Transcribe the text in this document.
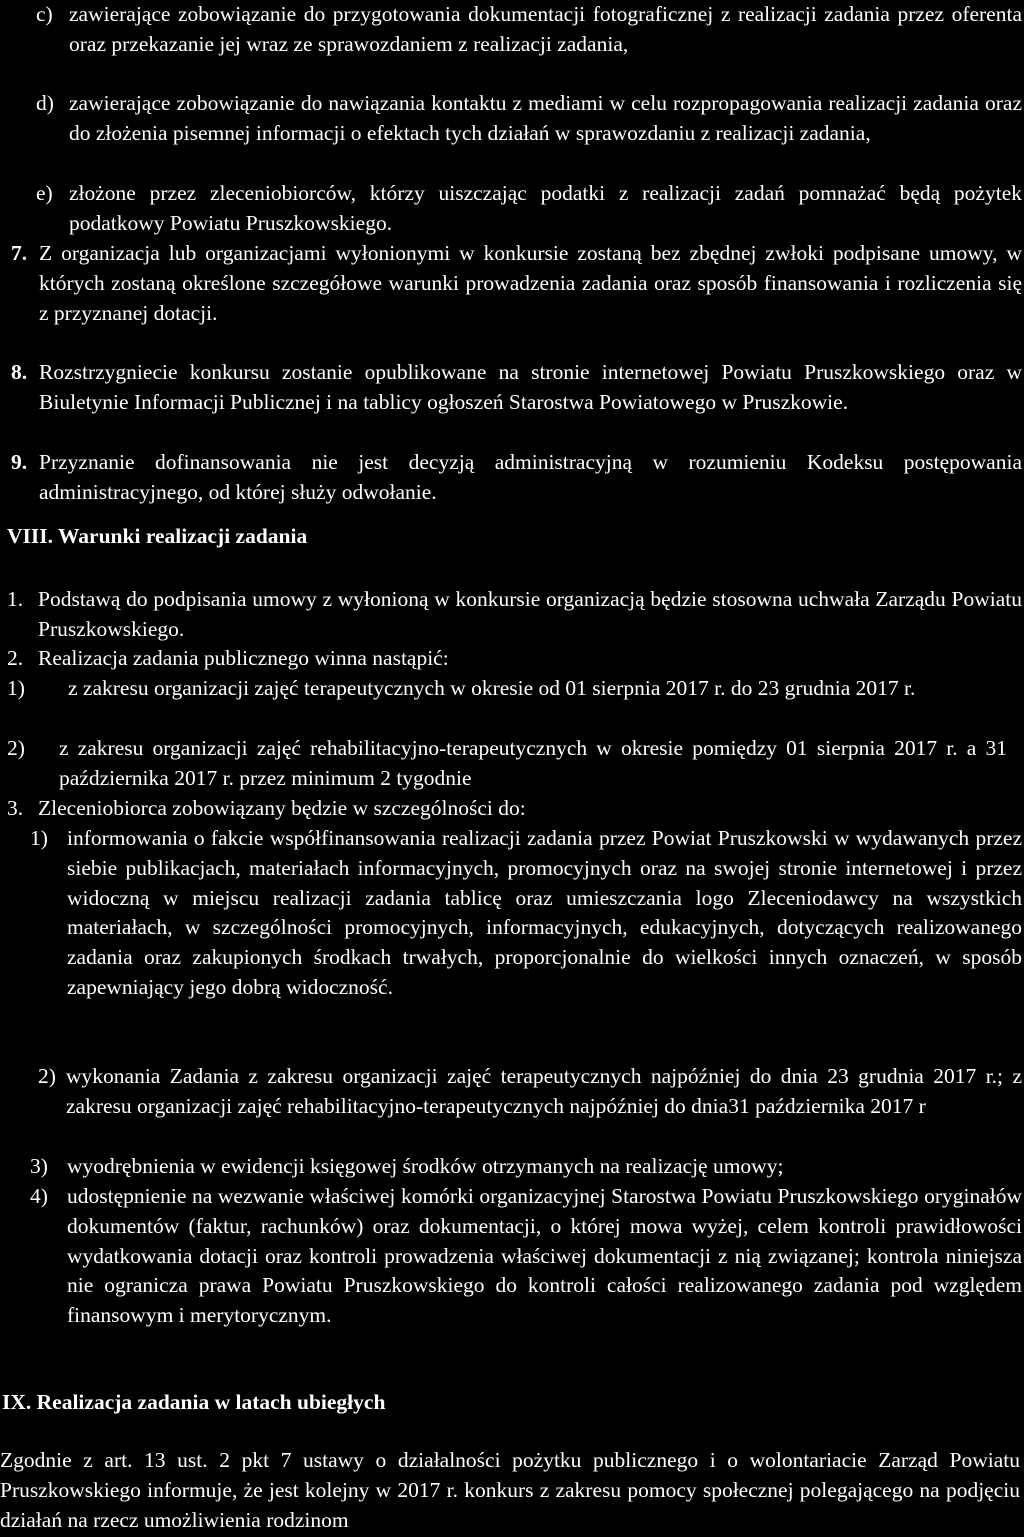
c) zawierające zobowiązanie do przygotowania dokumentacji fotograficznej z realizacji zadania przez oferenta oraz przekazanie jej wraz ze sprawozdaniem z realizacji zadania,
d) zawierające zobowiązanie do nawiązania kontaktu z mediami w celu rozpropagowania realizacji zadania oraz do złożenia pisemnej informacji o efektach tych działań w sprawozdaniu z realizacji zadania,
e) złożone przez zleceniobiorców, którzy uiszczając podatki z realizacji zadań pomnażać będą pożytek podatkowy Powiatu Pruszkowskiego.
7. Z organizacja lub organizacjami wyłonionymi w konkursie zostaną bez zbędnej zwłoki podpisane umowy, w których zostaną określone szczegółowe warunki prowadzenia zadania oraz sposób finansowania i rozliczenia się z przyznanej dotacji.
8. Rozstrzygniecie konkursu zostanie opublikowane na stronie internetowej Powiatu Pruszkowskiego oraz w Biuletynie Informacji Publicznej i na tablicy ogłoszeń Starostwa Powiatowego w Pruszkowie.
9. Przyznanie dofinansowania nie jest decyzją administracyjną w rozumieniu Kodeksu postępowania administracyjnego, od której służy odwołanie.
VIII. Warunki realizacji zadania
1. Podstawą do podpisania umowy z wyłonioną w konkursie organizacją będzie stosowna uchwała Zarządu Powiatu Pruszkowskiego.
2. Realizacja zadania publicznego winna nastąpić:
1)	z zakresu organizacji zajęć terapeutycznych w okresie od 01 sierpnia 2017 r. do 23 grudnia 2017 r.
2)	z zakresu organizacji zajęć rehabilitacyjno-terapeutycznych w okresie pomiędzy 01 sierpnia 2017 r. a 31 października 2017 r. przez minimum 2 tygodnie
3. Zleceniobiorca zobowiązany będzie w szczególności do:
1) informowania o fakcie współfinansowania realizacji zadania przez Powiat Pruszkowski w wydawanych przez siebie publikacjach, materiałach informacyjnych, promocyjnych oraz na swojej stronie internetowej i przez widoczną w miejscu realizacji zadania tablicę oraz umieszczania logo Zleceniodawcy na wszystkich materiałach, w szczególności promocyjnych, informacyjnych, edukacyjnych, dotyczących realizowanego zadania oraz zakupionych środkach trwałych, proporcjonalnie do wielkości innych oznaczeń, w sposób zapewniający jego dobrą widoczność.
2) wykonania Zadania z zakresu organizacji zajęć terapeutycznych najpóźniej do dnia 23 grudnia 2017 r.; z zakresu organizacji zajęć rehabilitacyjno-terapeutycznych najpóźniej do dnia31 października 2017 r
3) wyodrębnienia w ewidencji księgowej środków otrzymanych na realizację umowy;
4) udostępnienie na wezwanie właściwej komórki organizacyjnej Starostwa Powiatu Pruszkowskiego oryginałów dokumentów (faktur, rachunków) oraz dokumentacji, o której mowa wyżej, celem kontroli prawidłowości wydatkowania dotacji oraz kontroli prowadzenia właściwej dokumentacji z nią związanej; kontrola niniejsza nie ogranicza prawa Powiatu Pruszkowskiego do kontroli całości realizowanego zadania pod względem finansowym i merytorycznym.
IX. Realizacja zadania w latach ubiegłych
Zgodnie z art. 13 ust. 2 pkt 7 ustawy o działalności pożytku publicznego i o wolontariacie Zarząd Powiatu Pruszkowskiego informuje, że jest kolejny w 2017 r. konkurs z zakresu pomocy społecznej polegającego na podjęciu działań na rzecz umożliwienia rodzinom
